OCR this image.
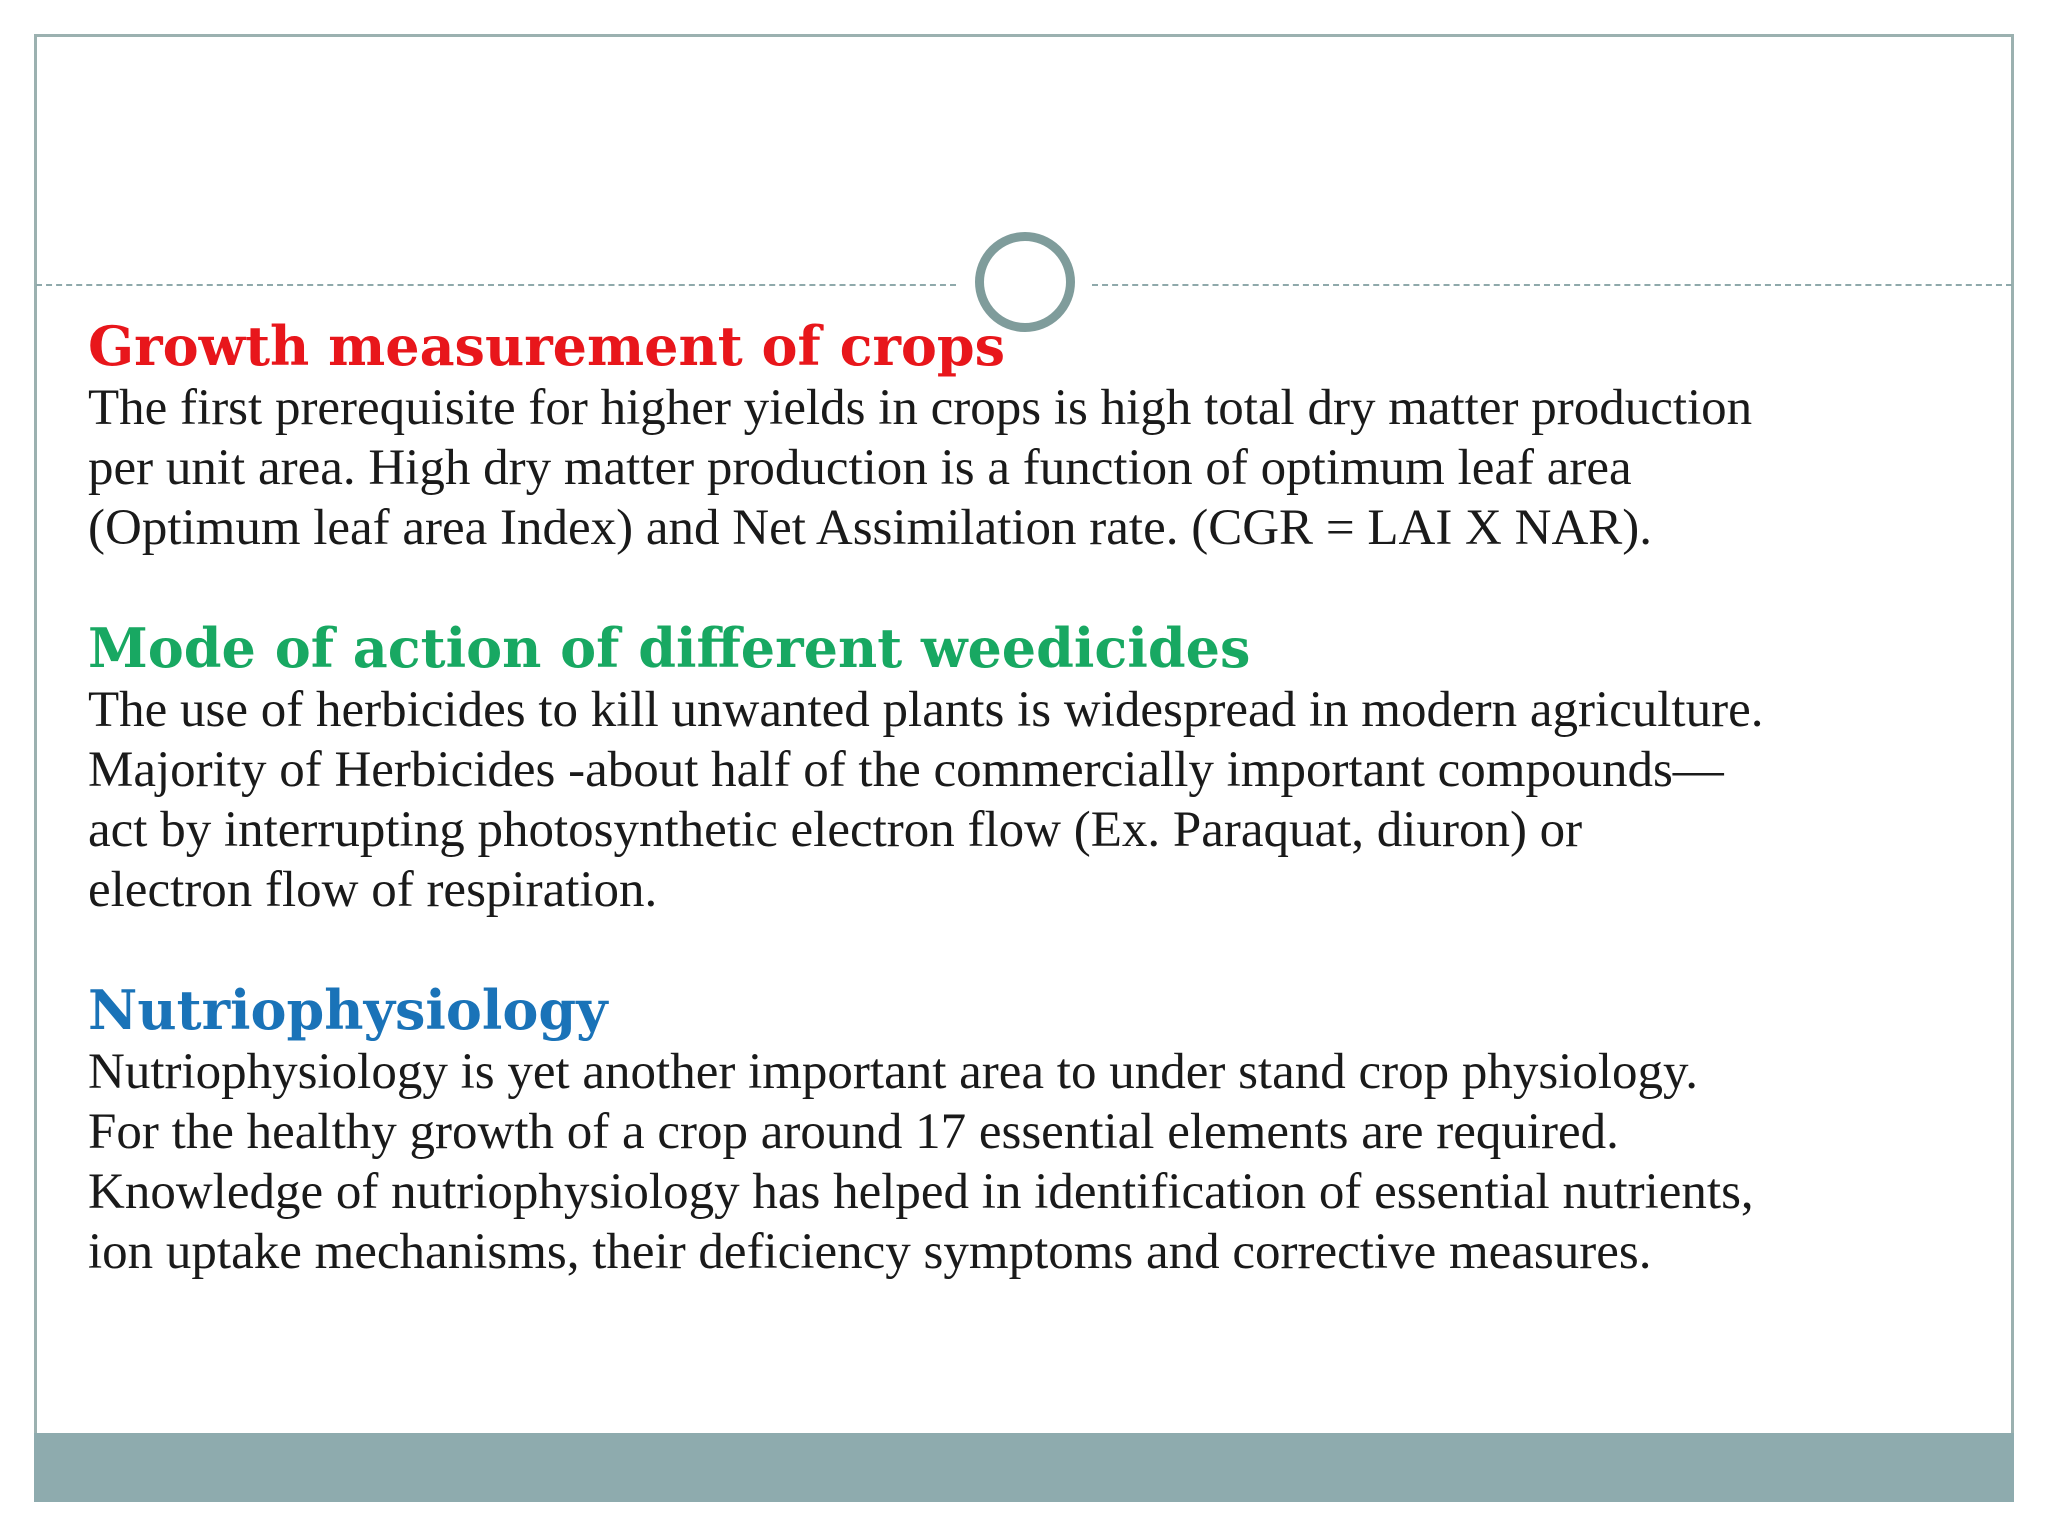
Growth measurement of crops

The first prerequisite for higher yields in crops is high total dry matter production
per unit area. High dry matter production is a function of optimum leaf area
(Optimum leaf area Index) and Net Assimilation rate. (CGR = LAI X NAR).

Mode of action of different weedicides

The use of herbicides to kill unwanted plants is widespread in modern agriculture.
Majority of Herbicides -about half of the commercially important compounds—
act by interrupting photosynthetic electron flow (Ex. Paraquat, diuron) or
electron flow of respiration.

Nutriophysiology

Nutriophysiology is yet another important area to under stand crop physiology.
For the healthy growth of a crop around 17 essential elements are required.
Knowledge of nutriophysiology has helped in identification of essential nutrients,
ion uptake mechanisms, their deficiency symptoms and corrective measures.
